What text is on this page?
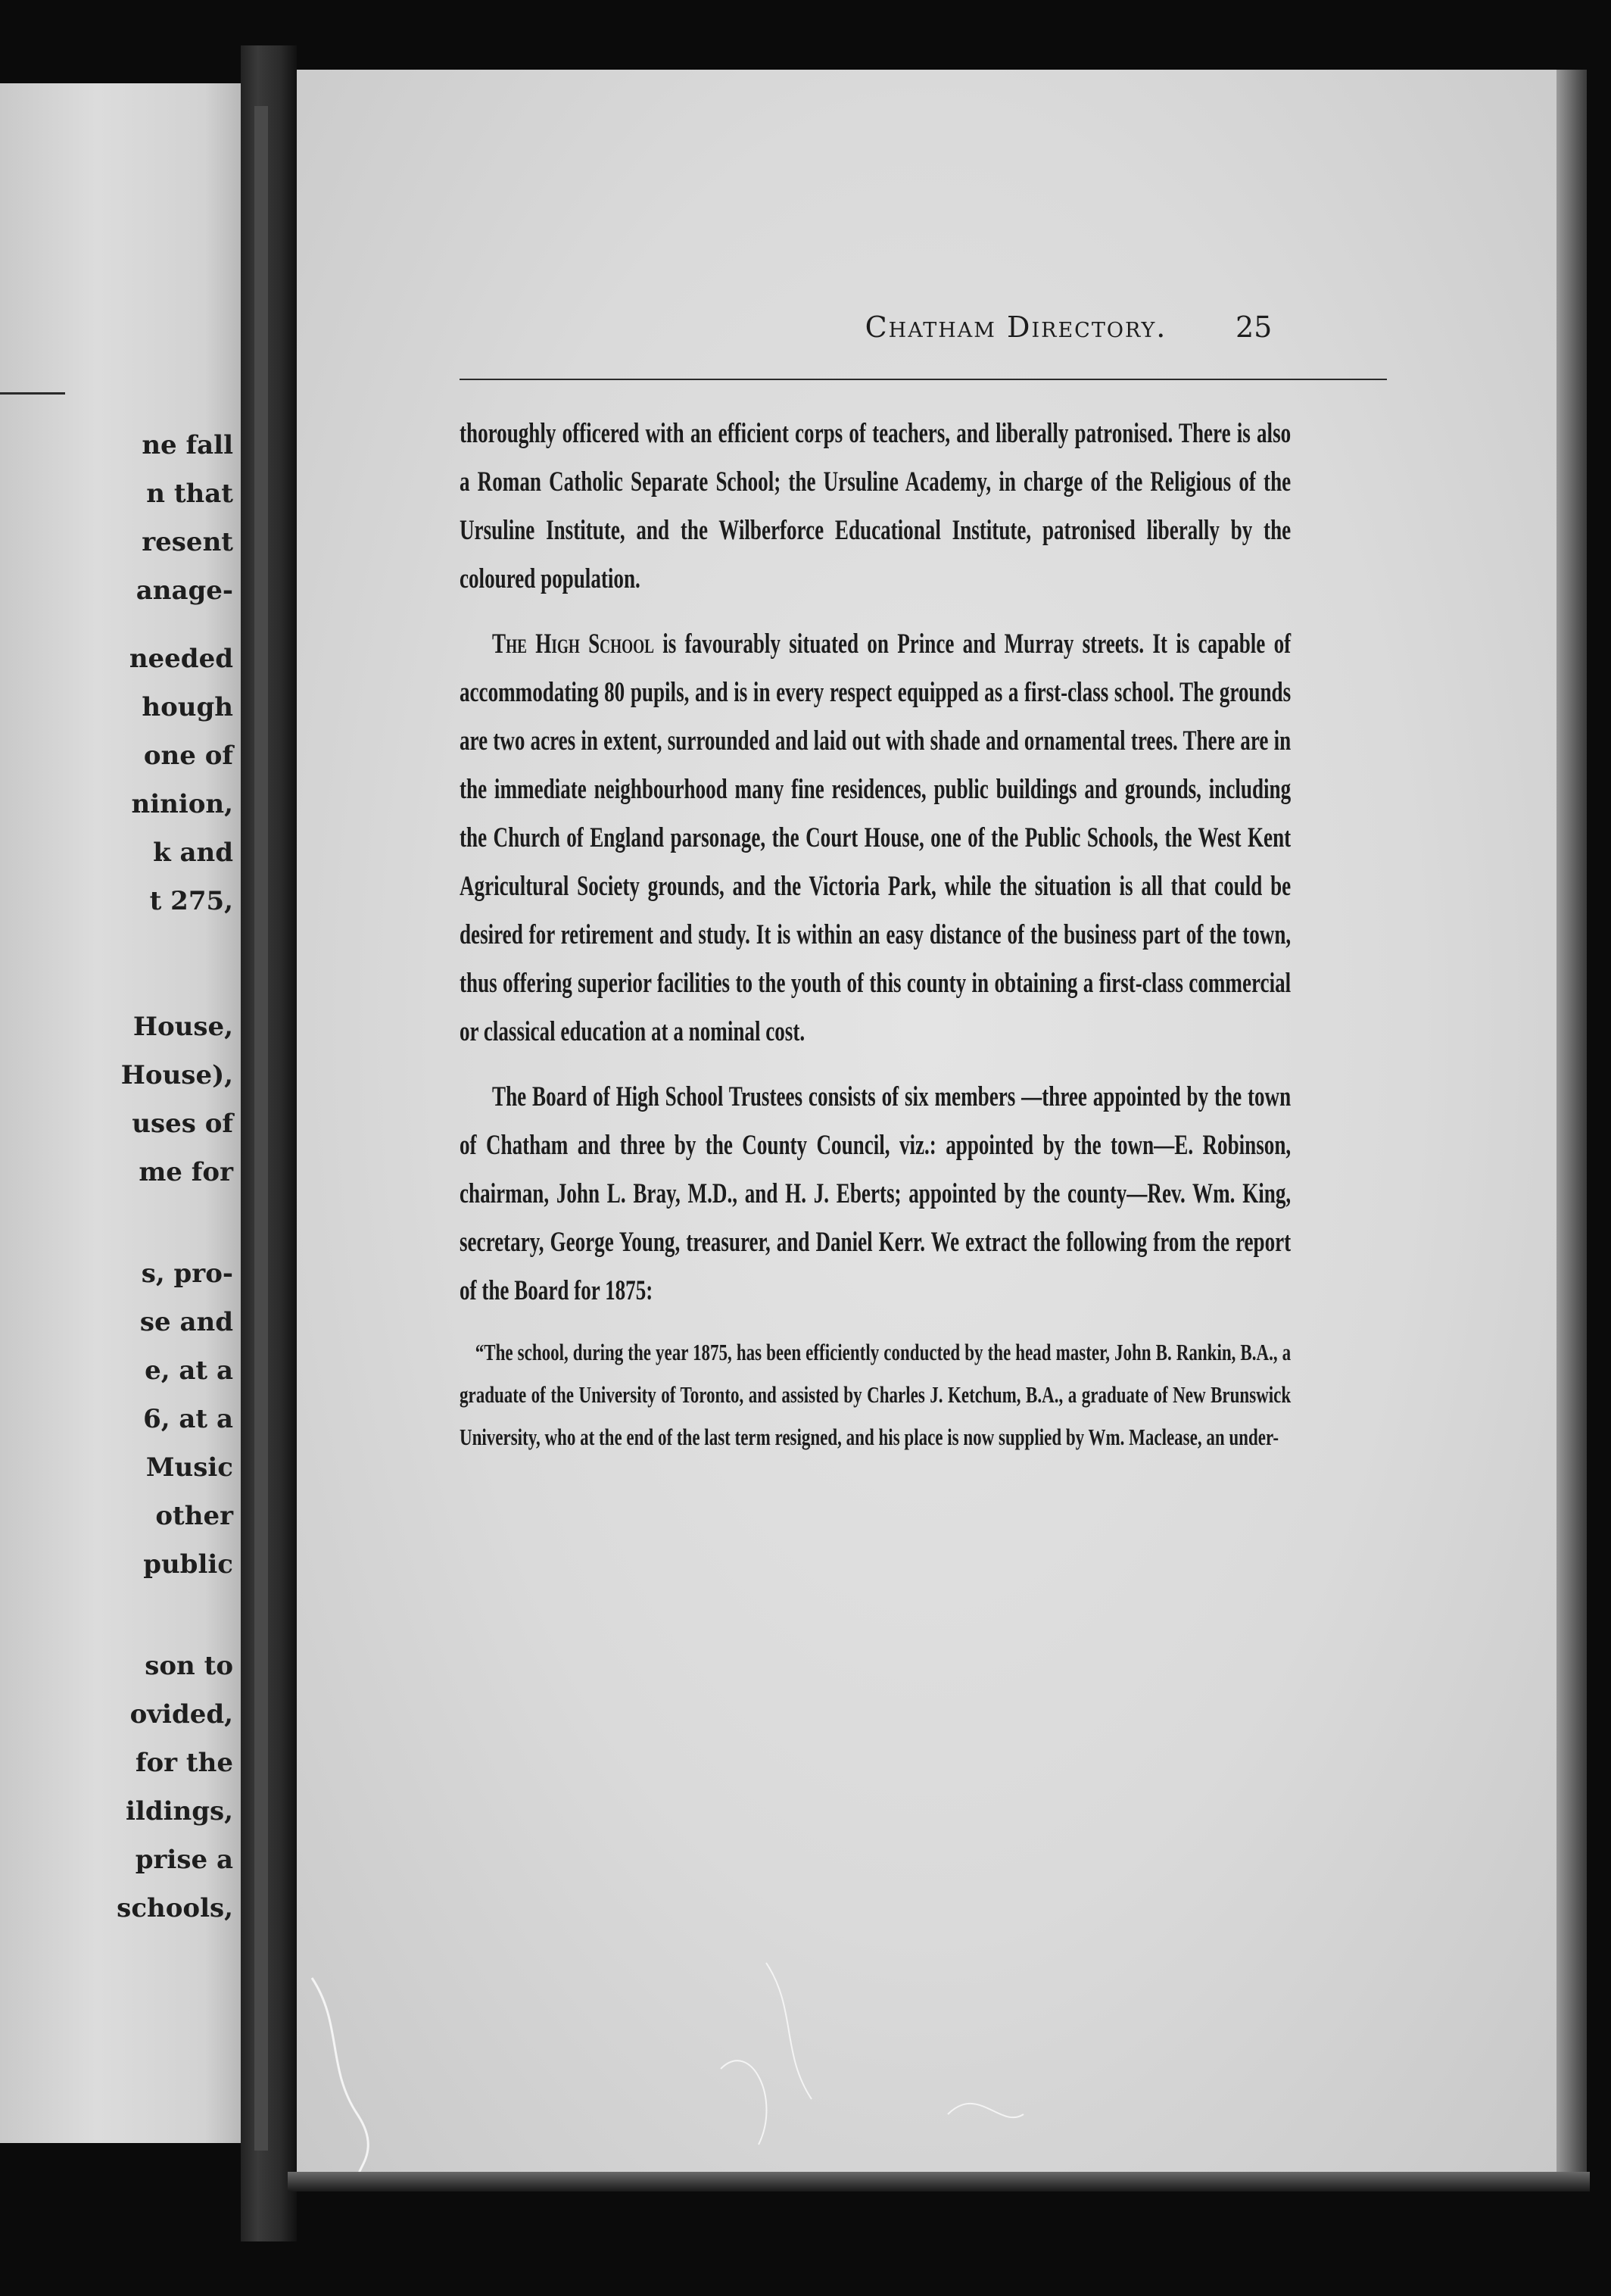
ne fall
n that
resent
anage-
needed
hough
one of
ninion,
k and
t 275,
House,
House),
uses of
me for
s, pro-
se and
e, at a
6, at a
Music
other
public
son to
ovided,
for the
ildings,
prise a
schools,
Chatham Directory.	25

thoroughly officered with an efficient corps of teachers, and liberally patronised. There is also a Roman Catholic Separate School; the Ursuline Academy, in charge of the Religious of the Ursuline Institute, and the Wilberforce Educational Institute, patronised liberally by the coloured population.

The High School is favourably situated on Prince and Murray streets. It is capable of accommodating 80 pupils, and is in every respect equipped as a first-class school. The grounds are two acres in extent, surrounded and laid out with shade and ornamental trees. There are in the immediate neighbourhood many fine residences, public buildings and grounds, including the Church of England parsonage, the Court House, one of the Public Schools, the West Kent Agricultural Society grounds, and the Victoria Park, while the situation is all that could be desired for retirement and study. It is within an easy distance of the business part of the town, thus offering superior facilities to the youth of this county in obtaining a first-class commercial or classical education at a nominal cost.

The Board of High School Trustees consists of six members —three appointed by the town of Chatham and three by the County Council, viz.: appointed by the town—E. Robinson, chairman, John L. Bray, M.D., and H. J. Eberts; appointed by the county—Rev. Wm. King, secretary, George Young, treasurer, and Daniel Kerr. We extract the following from the report of the Board for 1875:

“The school, during the year 1875, has been efficiently conducted by the head master, John B. Rankin, B.A., a graduate of the University of Toronto, and assisted by Charles J. Ketchum, B.A., a graduate of New Brunswick University, who at the end of the last term resigned, and his place is now supplied by Wm. Maclease, an under-
